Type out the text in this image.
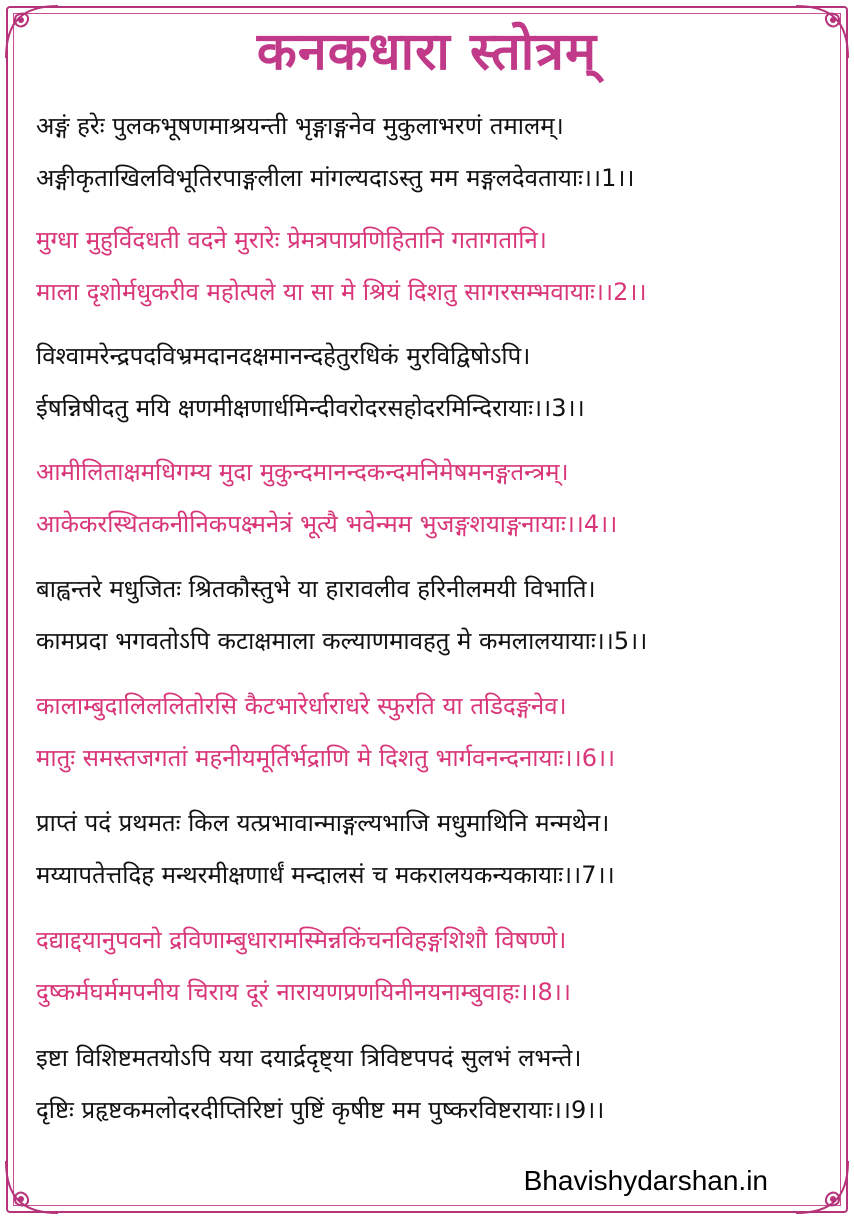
कनकधारा स्तोत्रम्
अङ्गं हरेः पुलकभूषणमाश्रयन्ती भृङ्गाङ्गनेव मुकुलाभरणं तमालम्।
अङ्गीकृताखिलविभूतिरपाङ्गलीला मांगल्यदाऽस्तु मम मङ्गलदेवतायाः।।1।।
मुग्धा मुहुर्विदधती वदने मुरारेः प्रेमत्रपाप्रणिहितानि गतागतानि।
माला दृशोर्मधुकरीव महोत्पले या सा मे श्रियं दिशतु सागरसम्भवायाः।।2।।
विश्वामरेन्द्रपदविभ्रमदानदक्षमानन्दहेतुरधिकं मुरविद्विषोऽपि।
ईषन्निषीदतु मयि क्षणमीक्षणार्धमिन्दीवरोदरसहोदरमिन्दिरायाः।।3।।
आमीलिताक्षमधिगम्य मुदा मुकुन्दमानन्दकन्दमनिमेषमनङ्गतन्त्रम्।
आकेकरस्थितकनीनिकपक्ष्मनेत्रं भूत्यै भवेन्मम भुजङ्गशयाङ्गनायाः।।4।।
बाह्वन्तरे मधुजितः श्रितकौस्तुभे या हारावलीव हरिनीलमयी विभाति।
कामप्रदा भगवतोऽपि कटाक्षमाला कल्याणमावहतु मे कमलालयायाः।।5।।
कालाम्बुदालिललितोरसि कैटभारेर्धाराधरे स्फुरति या तडिदङ्गनेव।
मातुः समस्तजगतां महनीयमूर्तिर्भद्राणि मे दिशतु भार्गवनन्दनायाः।।6।।
प्राप्तं पदं प्रथमतः किल यत्प्रभावान्माङ्गल्यभाजि मधुमाथिनि मन्मथेन।
मय्यापतेत्तदिह मन्थरमीक्षणार्धं मन्दालसं च मकरालयकन्यकायाः।।7।।
दद्याद्दयानुपवनो द्रविणाम्बुधारामस्मिन्नकिंचनविहङ्गशिशौ विषण्णे।
दुष्कर्मघर्ममपनीय चिराय दूरं नारायणप्रणयिनीनयनाम्बुवाहः।।8।।
इष्टा विशिष्टमतयोऽपि यया दयार्द्रदृष्ट्या त्रिविष्टपपदं सुलभं लभन्ते।
दृष्टिः प्रहृष्टकमलोदरदीप्तिरिष्टां पुष्टिं कृषीष्ट मम पुष्करविष्टरायाः।।9।।
Bhavishydarshan.in
